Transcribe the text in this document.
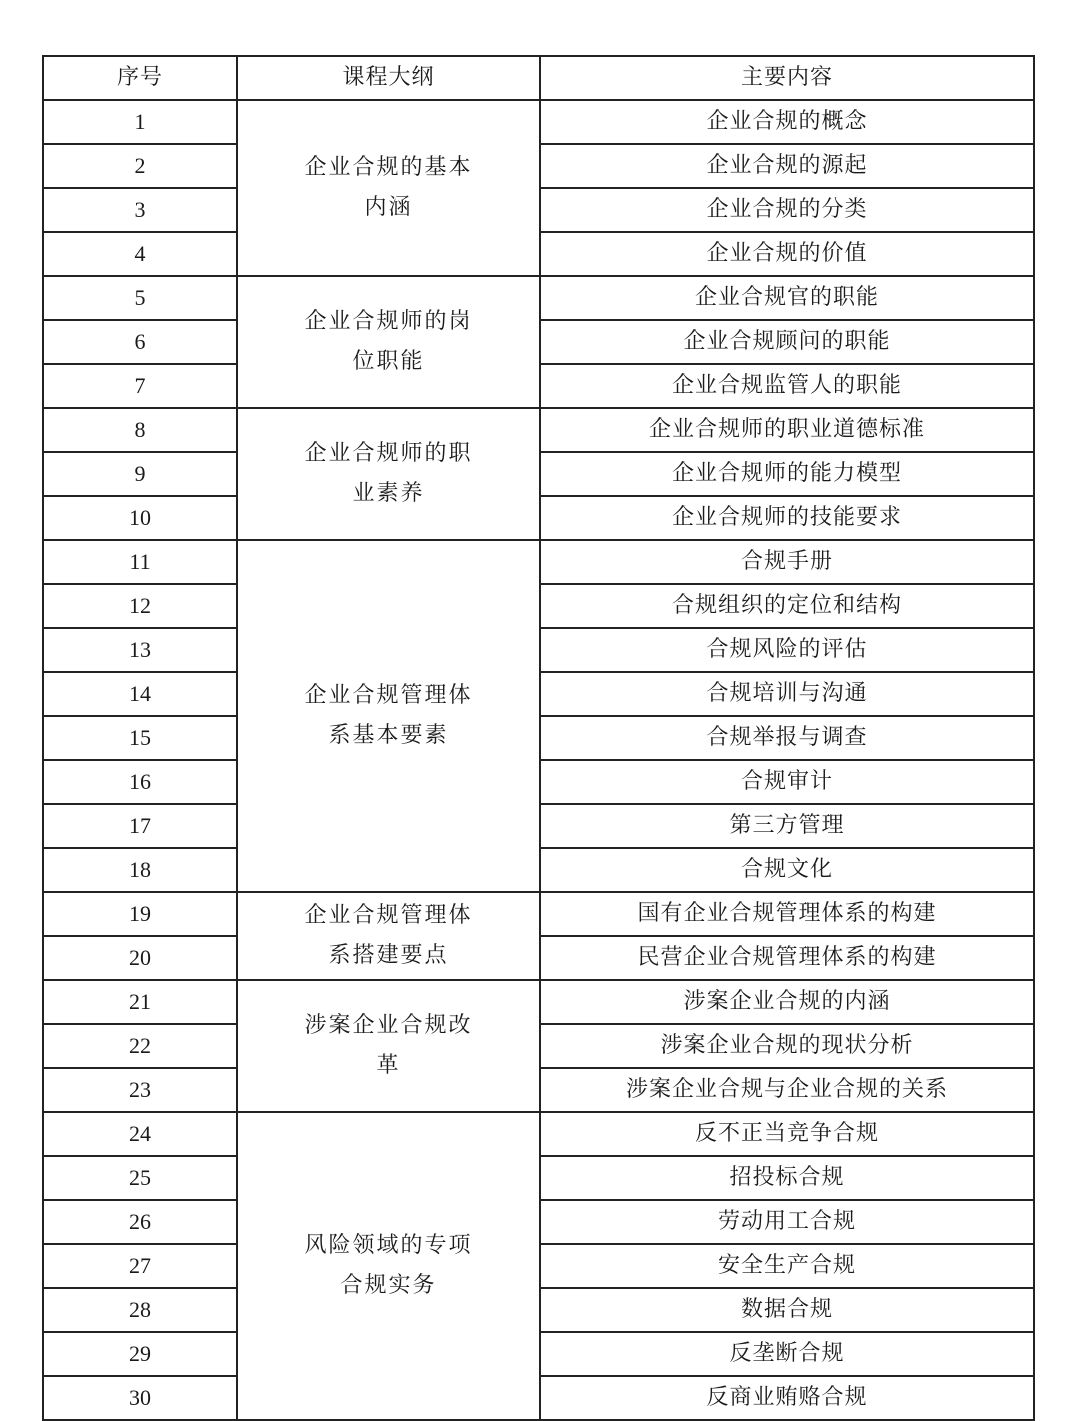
序号	课程大纲	主要内容
1	企业合规的基本内涵	企业合规的概念
2		企业合规的源起
3		企业合规的分类
4		企业合规的价值
5	企业合规师的岗位职能	企业合规官的职能
6		企业合规顾问的职能
7		企业合规监管人的职能
8	企业合规师的职业素养	企业合规师的职业道德标准
9		企业合规师的能力模型
10		企业合规师的技能要求
11	企业合规管理体系基本要素	合规手册
12		合规组织的定位和结构
13		合规风险的评估
14		合规培训与沟通
15		合规举报与调查
16		合规审计
17		第三方管理
18		合规文化
19	企业合规管理体系搭建要点	国有企业合规管理体系的构建
20		民营企业合规管理体系的构建
21	涉案企业合规改革	涉案企业合规的内涵
22		涉案企业合规的现状分析
23		涉案企业合规与企业合规的关系
24	风险领域的专项合规实务	反不正当竞争合规
25		招投标合规
26		劳动用工合规
27		安全生产合规
28		数据合规
29		反垄断合规
30		反商业贿赂合规
